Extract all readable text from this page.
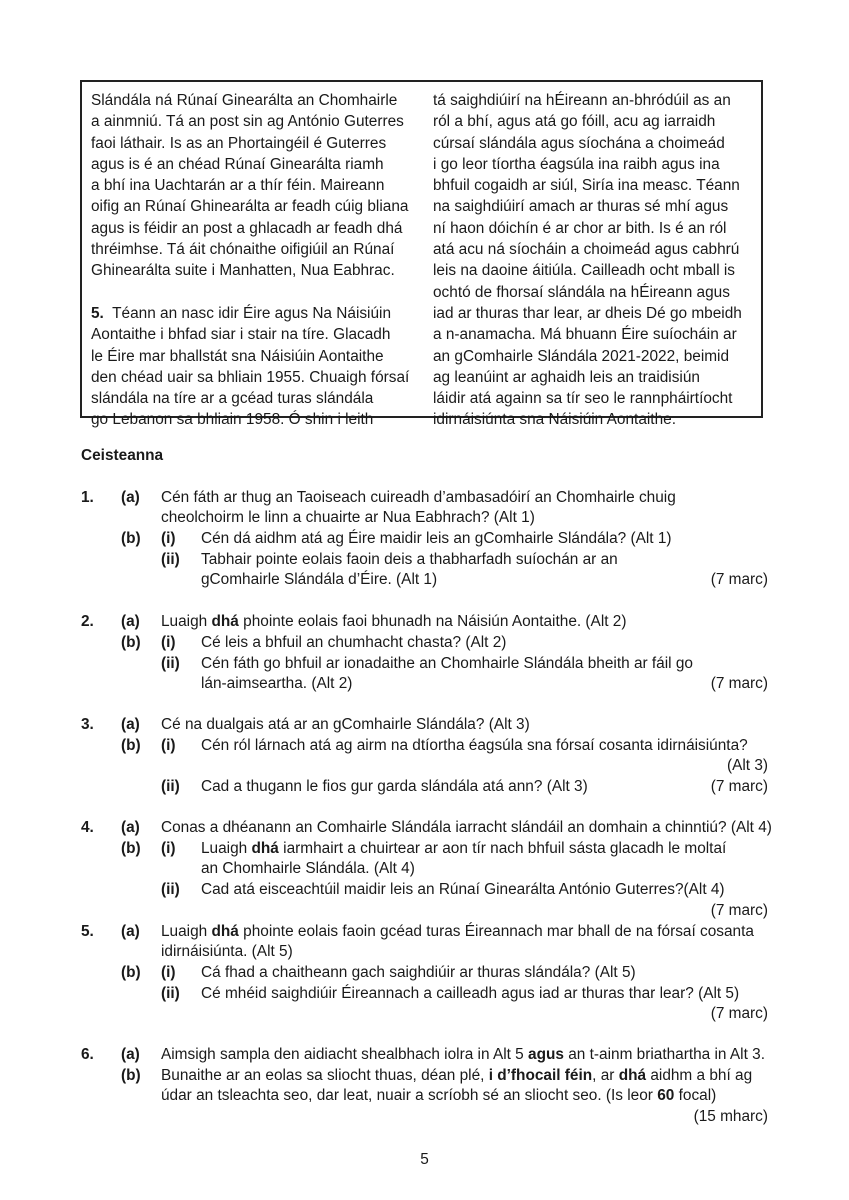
Slándála ná Rúnaí Ginearálta an Chomhairle

a ainmniú. Tá an post sin ag António Guterres

faoi láthair. Is as an Phortaingéil é Guterres

agus is é an chéad Rúnaí Ginearálta riamh

a bhí ina Uachtarán ar a thír féin. Maireann

oifig an Rúnaí Ghinearálta ar feadh cúig bliana

agus is féidir an post a ghlacadh ar feadh dhá

thréimhse. Tá áit chónaithe oifigiúil an Rúnaí

Ghinearálta suite i Manhatten, Nua Eabhrac.

5. Téann an nasc idir Éire agus Na Náisiúin

Aontaithe i bhfad siar i stair na tíre. Glacadh

le Éire mar bhallstát sna Náisiúin Aontaithe

den chéad uair sa bhliain 1955. Chuaigh fórsaí

slándála na tíre ar a gcéad turas slándála

go Lebanon sa bhliain 1958. Ó shin i leith

tá saighdiúirí na hÉireann an-bhródúil as an

ról a bhí, agus atá go fóill, acu ag iarraidh

cúrsaí slándála agus síochána a choimeád

i go leor tíortha éagsúla ina raibh agus ina

bhfuil cogaidh ar siúl, Siría ina measc. Téann

na saighdiúirí amach ar thuras sé mhí agus

ní haon dóichín é ar chor ar bith. Is é an ról

atá acu ná síocháin a choimeád agus cabhrú

leis na daoine áitiúla. Cailleadh ocht mball is

ochtó de fhorsaí slándála na hÉireann agus

iad ar thuras thar lear, ar dheis Dé go mbeidh

a n-anamacha. Má bhuann Éire suíocháin ar

an gComhairle Slándála 2021-2022, beimid

ag leanúint ar aghaidh leis an traidisiún

láidir atá againn sa tír seo le rannpháirtíocht

idirnáisiúnta sna Náisiúin Aontaithe.

Ceisteanna
1. (a) Cén fáth ar thug an Taoiseach cuireadh d’ambasadóirí an Chomhairle chuig
cheolchoirm le linn a chuairte ar Nua Eabhrach? (Alt 1)
(b) (i) Cén dá aidhm atá ag Éire maidir leis an gComhairle Slándála? (Alt 1)
(ii) Tabhair pointe eolais faoin deis a thabharfadh suíochán ar an
gComhairle Slándála d’Éire. (Alt 1)	(7 marc)
2. (a) Luaigh dhá phointe eolais faoi bhunadh na Náisiún Aontaithe. (Alt 2)
(b) (i) Cé leis a bhfuil an chumhacht chasta? (Alt 2)
(ii) Cén fáth go bhfuil ar ionadaithe an Chomhairle Slándála bheith ar fáil go
lán-aimseartha. (Alt 2)	(7 marc)
3. (a) Cé na dualgais atá ar an gComhairle Slándála? (Alt 3)
(b) (i) Cén ról lárnach atá ag airm na dtíortha éagsúla sna fórsaí cosanta idirnáisiúnta?
(Alt 3)
(ii) Cad a thugann le fios gur garda slándála atá ann? (Alt 3)	(7 marc)
4. (a) Conas a dhéanann an Comhairle Slándála iarracht slándáil an domhain a chinntiú? (Alt 4)
(b) (i) Luaigh dhá iarmhairt a chuirtear ar aon tír nach bhfuil sásta glacadh le moltaí
an Chomhairle Slándála. (Alt 4)
(ii) Cad atá eisceachtúil maidir leis an Rúnaí Ginearálta António Guterres?(Alt 4)
(7 marc)
5. (a) Luaigh dhá phointe eolais faoin gcéad turas Éireannach mar bhall de na fórsaí cosanta
idirnáisiúnta. (Alt 5)
(b) (i) Cá fhad a chaitheann gach saighdiúir ar thuras slándála? (Alt 5)
(ii) Cé mhéid saighdiúir Éireannach a cailleadh agus iad ar thuras thar lear? (Alt 5)
(7 marc)
6. (a) Aimsigh sampla den aidiacht shealbhach iolra in Alt 5 agus an t-ainm briathartha in Alt 3.
(b) Bunaithe ar an eolas sa sliocht thuas, déan plé, i d’fhocail féin, ar dhá aidhm a bhí ag
údar an tsleachta seo, dar leat, nuair a scríobh sé an sliocht seo. (Is leor 60 focal)
(15 mharc)
5
